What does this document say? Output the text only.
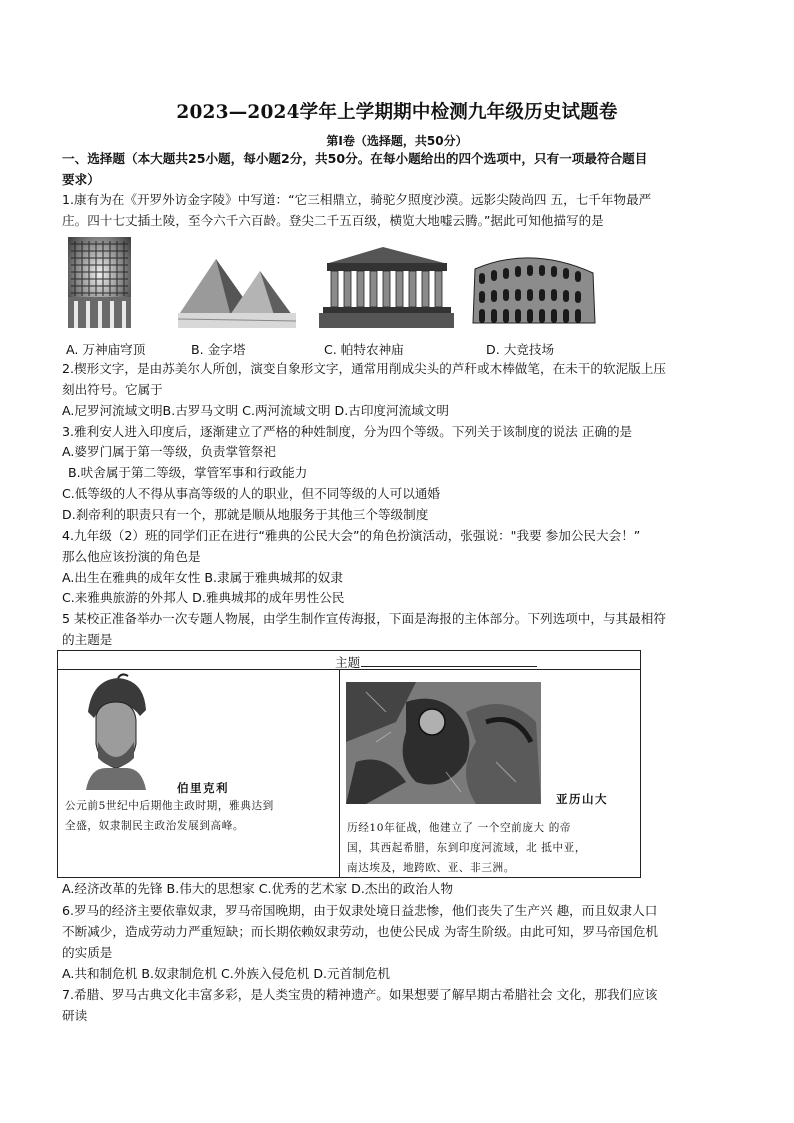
2023—2024学年上学期期中检测九年级历史试题卷
第Ⅰ卷（选择题，共50分）
一、选择题（本大题共25小题，每小题2分，共50分。在每小题给出的四个选项中，只有一项最符合题目
要求）
1.康有为在《开罗外访金字陵》中写道：“它三相鼎立，骑驼夕照度沙漠。远影尖陵尚四 五，七千年物最严
庄。四十七丈插土陵，至今六千六百龄。登尖二千五百级，横览大地嘘云腾。”据此可知他描写的是
A. 万神庙穹顶	B. 金字塔	C. 帕特农神庙	D. 大竞技场
2.楔形文字，是由苏美尔人所创，演变自象形文字，通常用削成尖头的芦秆或木棒做笔，在未干的软泥版上压
刻出符号。它属于
A.尼罗河流域文明B.古罗马文明 C.两河流域文明 D.古印度河流域文明
3.雅利安人进入印度后，逐渐建立了严格的种姓制度，分为四个等级。下列关于该制度的说法 正确的是
A.婆罗门属于第一等级，负责掌管祭祀
B.吠舍属于第二等级，掌管军事和行政能力
C.低等级的人不得从事高等级的人的职业，但不同等级的人可以通婚
D.刹帝利的职责只有一个，那就是顺从地服务于其他三个等级制度
4.九年级（2）班的同学们正在进行“雅典的公民大会”的角色扮演活动，张强说："我要 参加公民大会！”
那么他应该扮演的角色是
A.出生在雅典的成年女性 B.隶属于雅典城邦的奴隶
C.来雅典旅游的外邦人 D.雅典城邦的成年男性公民
5 某校正准备举办一次专题人物展，由学生制作宣传海报，下面是海报的主体部分。下列选项中，与其最相符
的主题是
主题
伯里克利
公元前5世纪中后期他主政时期，雅典达到
全盛，奴隶制民主政治发展到高峰。
亚历山大
历经10年征战，他建立了 一个空前庞大 的帝
国，其西起希腊，东到印度河流域，北 抵中亚，
南达埃及，地跨欧、亚、非三洲。
A.经济改革的先锋 B.伟大的思想家 C.优秀的艺术家 D.杰出的政治人物
6.罗马的经济主要依靠奴隶，罗马帝国晚期，由于奴隶处境日益悲惨，他们丧失了生产兴 趣，而且奴隶人口
不断减少，造成劳动力严重短缺；而长期依赖奴隶劳动，也使公民成 为寄生阶级。由此可知，罗马帝国危机
的实质是
A.共和制危机 B.奴隶制危机 C.外族入侵危机 D.元首制危机
7.希腊、罗马古典文化丰富多彩，是人类宝贵的精神遗产。如果想要了解早期古希腊社会 文化，那我们应该
研读
